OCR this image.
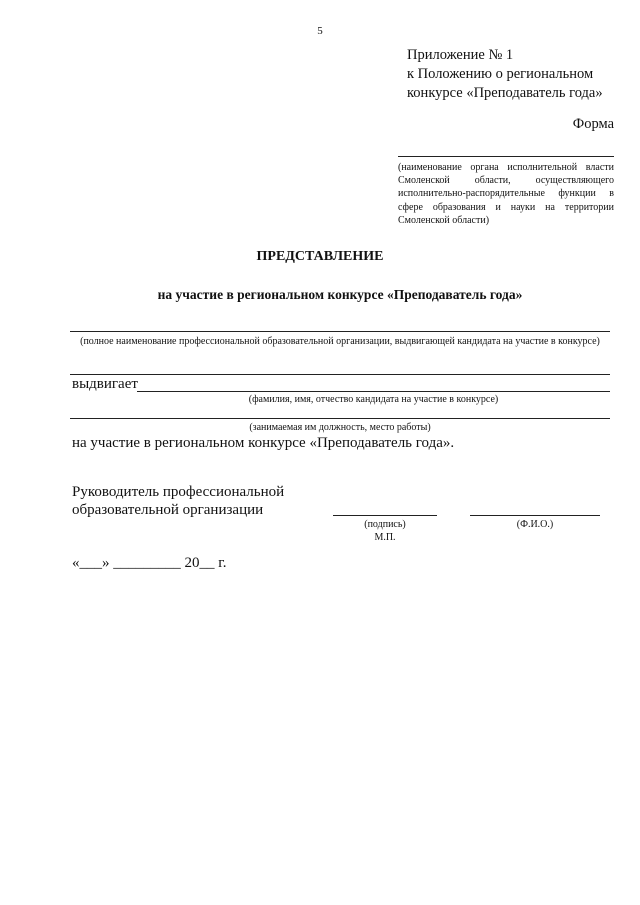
5
Приложение № 1
к Положению о региональном
конкурсе «Преподаватель года»
Форма
(наименование органа исполнительной власти Смоленской области, осуществляющего исполнительно-распорядительные функции в сфере образования и науки на территории Смоленской области)
ПРЕДСТАВЛЕНИЕ
на участие в региональном конкурсе «Преподаватель года»
(полное наименование профессиональной образовательной организации, выдвигающей кандидата на участие в конкурсе)
выдвигает
(фамилия, имя, отчество кандидата на участие в конкурсе)
(занимаемая им должность, место работы)
на участие в региональном конкурсе «Преподаватель года».
Руководитель профессиональной
образовательной организации
(подпись)
М.П.
(Ф.И.О.)
«___» _________ 20__ г.
